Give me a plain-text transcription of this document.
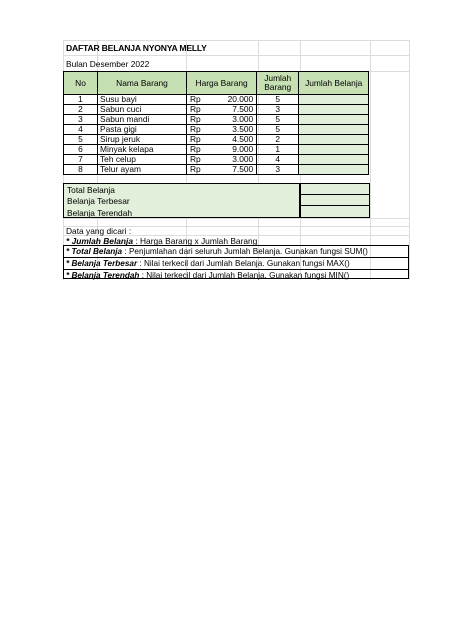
DAFTAR BELANJA NYONYA MELLY
Bulan Desember 2022
No	Nama Barang	Harga Barang		Jumlah Barang	Jumlah Belanja
1	Susu bayi	Rp	20.000	5	
2	Sabun cuci	Rp	7.500	3	
3	Sabun mandi	Rp	3.000	5	
4	Pasta gigi	Rp	3.500	5	
5	Sirup jeruk	Rp	4.500	2	
6	Minyak kelapa	Rp	9.000	1	
7	Teh celup	Rp	3.000	4	
8	Telur ayam	Rp	7.500	3	
Total Belanja
Belanja Terbesar
Belanja Terendah
Data yang dicari :
* Jumlah Belanja : Harga Barang x Jumlah Barang
* Total Belanja : Penjumlahan dari seluruh Jumlah Belanja. Gunakan fungsi SUM()
* Belanja Terbesar : Nilai terkecil dari Jumlah Belanja. Gunakan fungsi MAX()
* Belanja Terendah : Nilai terkecil dari Jumlah Belanja. Gunakan fungsi MIN()
